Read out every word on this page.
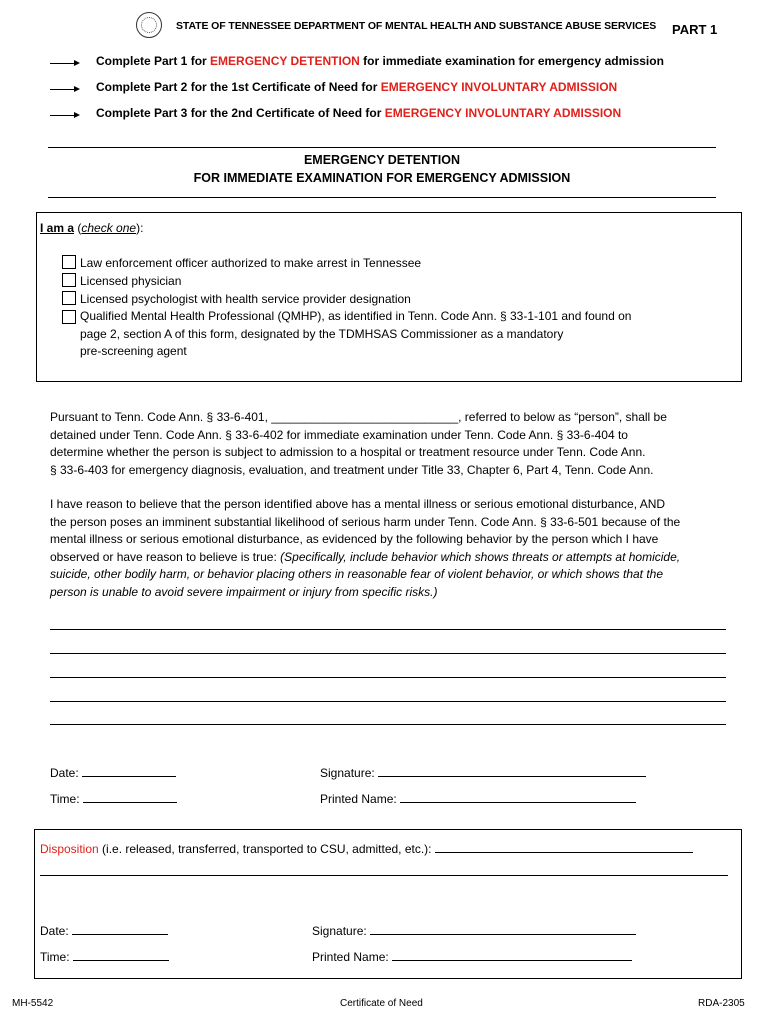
STATE OF TENNESSEE DEPARTMENT OF MENTAL HEALTH AND SUBSTANCE ABUSE SERVICES PART 1
Complete Part 1 for EMERGENCY DETENTION for immediate examination for emergency admission
Complete Part 2 for the 1st Certificate of Need for EMERGENCY INVOLUNTARY ADMISSION
Complete Part 3 for the 2nd Certificate of Need for EMERGENCY INVOLUNTARY ADMISSION
EMERGENCY DETENTION
FOR IMMEDIATE EXAMINATION FOR EMERGENCY ADMISSION
I am a (check one):
Law enforcement officer authorized to make arrest in Tennessee
Licensed physician
Licensed psychologist with health service provider designation
Qualified Mental Health Professional (QMHP), as identified in Tenn. Code Ann. § 33-1-101 and found on
page 2, section A of this form, designated by the TDMHSAS Commissioner as a mandatory
pre-screening agent
Pursuant to Tenn. Code Ann. § 33-6-401, ____________________________, referred to below as “person”, shall be
detained under Tenn. Code Ann. § 33-6-402 for immediate examination under Tenn. Code Ann. § 33-6-404 to
determine whether the person is subject to admission to a hospital or treatment resource under Tenn. Code Ann.
§ 33-6-403 for emergency diagnosis, evaluation, and treatment under Title 33, Chapter 6, Part 4, Tenn. Code Ann.
I have reason to believe that the person identified above has a mental illness or serious emotional disturbance, AND
the person poses an imminent substantial likelihood of serious harm under Tenn. Code Ann. § 33-6-501 because of the
mental illness or serious emotional disturbance, as evidenced by the following behavior by the person which I have
observed or have reason to believe is true: (Specifically, include behavior which shows threats or attempts at homicide,
suicide, other bodily harm, or behavior placing others in reasonable fear of violent behavior, or which shows that the
person is unable to avoid severe impairment or injury from specific risks.)
Date:	Signature:
Time:	Printed Name:
Disposition (i.e. released, transferred, transported to CSU, admitted, etc.):
Date:	Signature:
Time:	Printed Name:
MH-5542	Certificate of Need	RDA-2305
